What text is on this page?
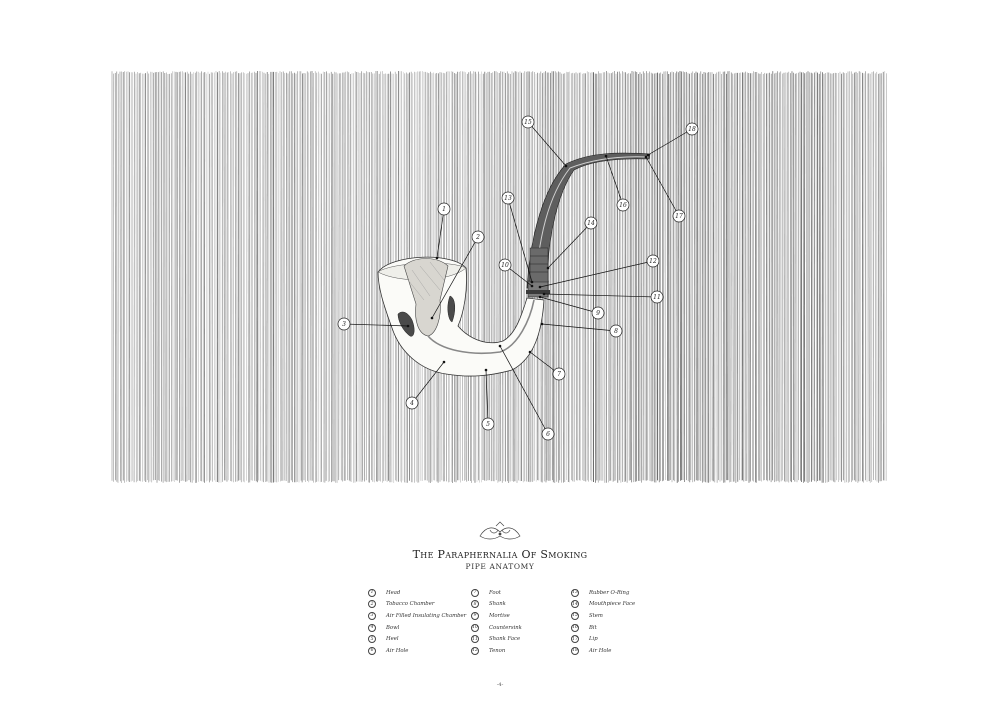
1
2
3
4
5
6
7
8
9
10
11
12
13
14
15
16
17
18
The Paraphernalia Of Smoking
PIPE ANATOMY
1	Head
2	Tobacco Chamber
3	Air Filled Insulating Chamber
4	Bowl
5	Heel
6	Air Hole
7	Foot
8	Shank
9	Mortise
10 Countersink
11 Shank Face
12 Tenon
13 Rubber O-Ring
14 Mouthpiece Face
15 Stem
16 Bit
17 Lip
18 Air Hole
-4-
